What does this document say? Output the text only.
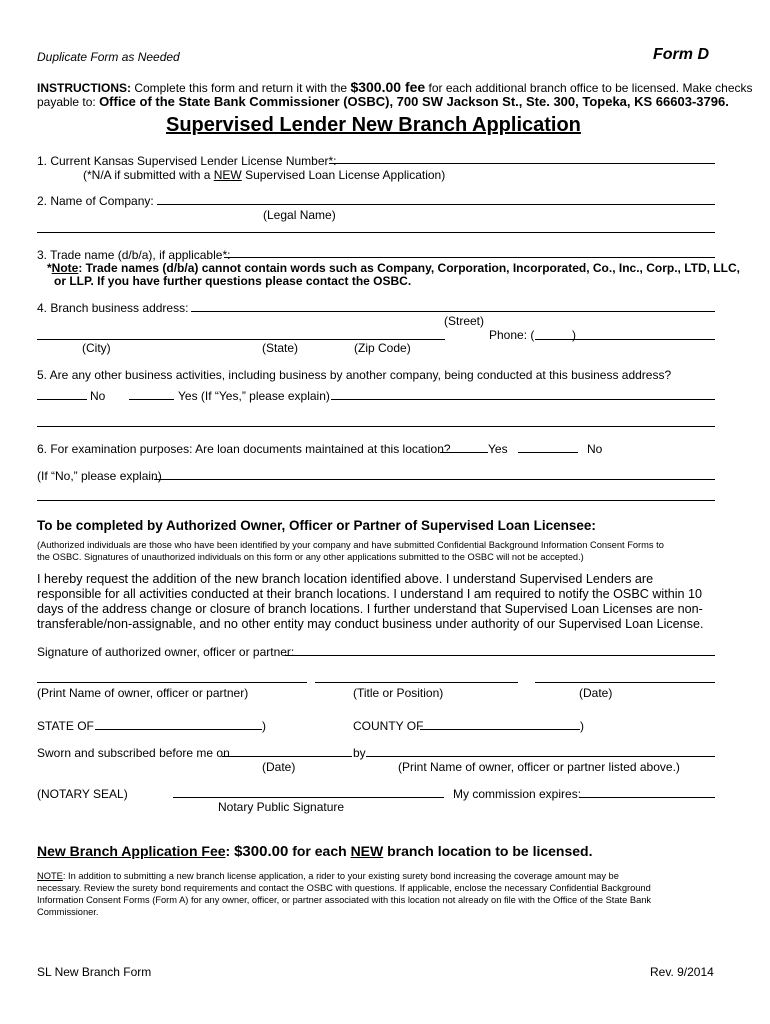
Duplicate Form as Needed	Form D
INSTRUCTIONS: Complete this form and return it with the $300.00 fee for each additional branch office to be licensed. Make checks
payable to: Office of the State Bank Commissioner (OSBC), 700 SW Jackson St., Ste. 300, Topeka, KS 66603-3796.
Supervised Lender New Branch Application
1. Current Kansas Supervised Lender License Number*:
(*N/A if submitted with a NEW Supervised Loan License Application)
2. Name of Company:
(Legal Name)
3. Trade name (d/b/a), if applicable*:
*Note: Trade names (d/b/a) cannot contain words such as Company, Corporation, Incorporated, Co., Inc., Corp., LTD, LLC,
or LLP. If you have further questions please contact the OSBC.
4. Branch business address:
(Street)
Phone: (	)
(City)	(State)	(Zip Code)
5. Are any other business activities, including business by another company, being conducted at this business address?
No	Yes (If “Yes,” please explain)
6. For examination purposes: Are loan documents maintained at this location?	Yes	No
(If “No,” please explain)
To be completed by Authorized Owner, Officer or Partner of Supervised Loan Licensee:
(Authorized individuals are those who have been identified by your company and have submitted Confidential Background Information Consent Forms to
the OSBC. Signatures of unauthorized individuals on this form or any other applications submitted to the OSBC will not be accepted.)
I hereby request the addition of the new branch location identified above. I understand Supervised Lenders are
responsible for all activities conducted at their branch locations. I understand I am required to notify the OSBC within 10
days of the address change or closure of branch locations. I further understand that Supervised Loan Licenses are non-
transferable/non-assignable, and no other entity may conduct business under authority of our Supervised Loan License.
Signature of authorized owner, officer or partner:
(Print Name of owner, officer or partner)	(Title or Position)	(Date)
STATE OF	)	COUNTY OF	)
Sworn and subscribed before me on	by
(Date)	(Print Name of owner, officer or partner listed above.)
(NOTARY SEAL)
Notary Public Signature
My commission expires:
New Branch Application Fee: $300.00 for each NEW branch location to be licensed.
NOTE: In addition to submitting a new branch license application, a rider to your existing surety bond increasing the coverage amount may be
necessary. Review the surety bond requirements and contact the OSBC with questions. If applicable, enclose the necessary Confidential Background
Information Consent Forms (Form A) for any owner, officer, or partner associated with this location not already on file with the Office of the State Bank
Commissioner.
SL New Branch Form	Rev. 9/2014
